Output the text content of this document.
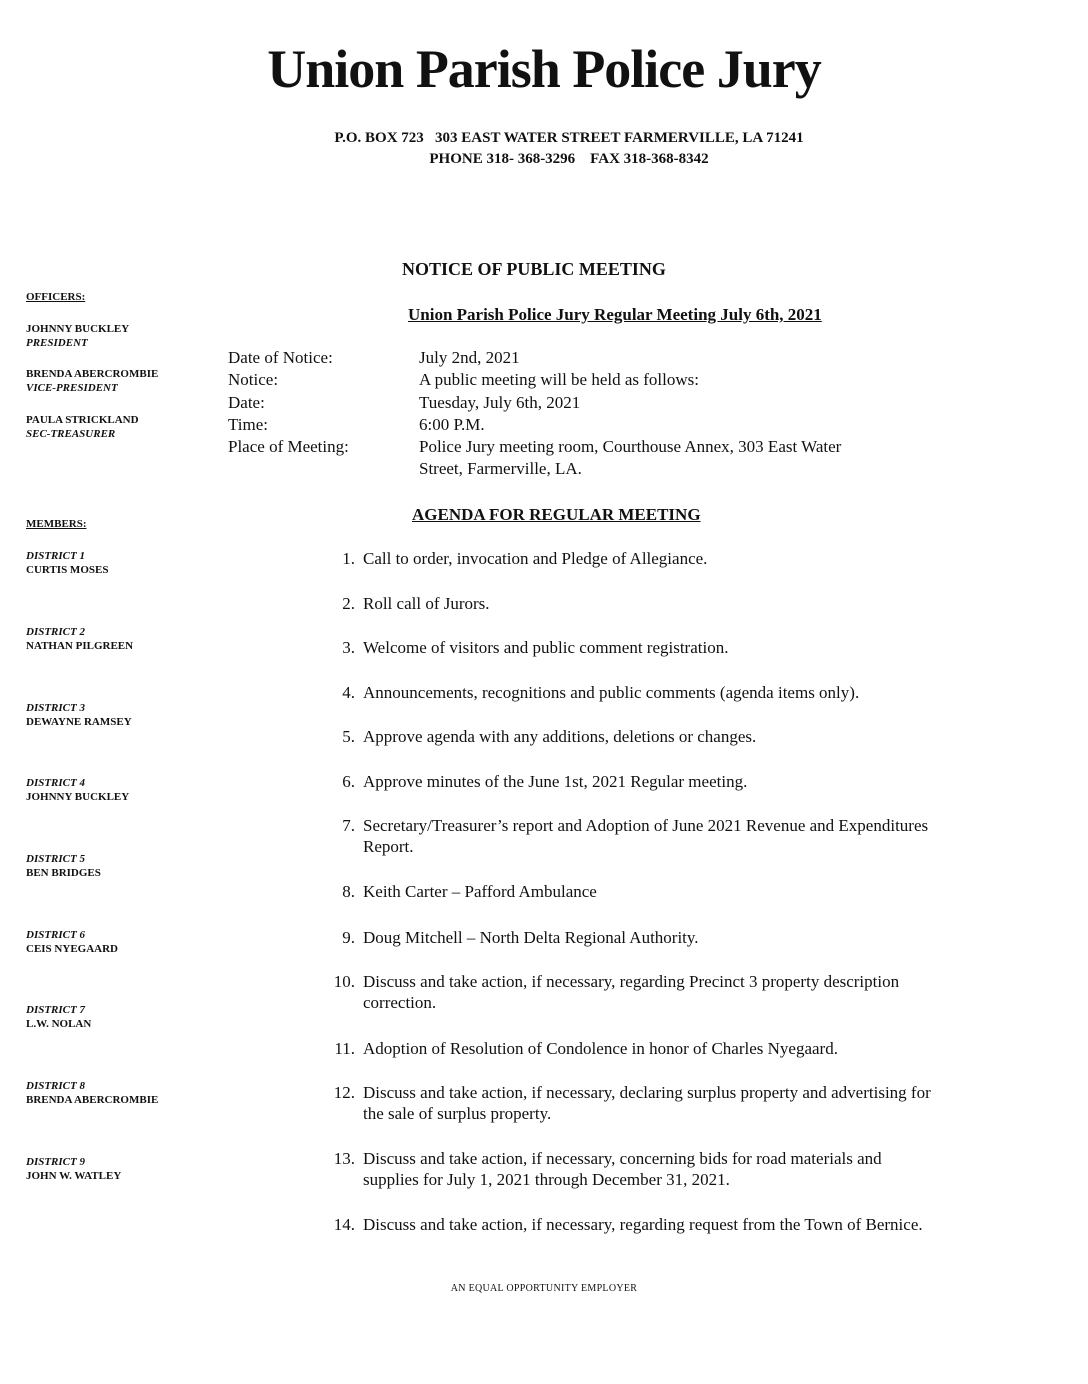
Union Parish Police Jury
P.O. BOX 723   303 EAST WATER STREET FARMERVILLE, LA 71241
PHONE 318- 368-3296    FAX 318-368-8342
NOTICE OF PUBLIC MEETING
Union Parish Police Jury Regular Meeting July 6th, 2021
OFFICERS:
JOHNNY BUCKLEY
PRESIDENT
BRENDA ABERCROMBIE
VICE-PRESIDENT
PAULA STRICKLAND
SEC-TREASURER
MEMBERS:
DISTRICT 1
CURTIS MOSES
DISTRICT 2
NATHAN PILGREEN
DISTRICT 3
DEWAYNE RAMSEY
DISTRICT 4
JOHNNY BUCKLEY
DISTRICT 5
BEN BRIDGES
DISTRICT 6
CEIS NYEGAARD
DISTRICT 7
L.W. NOLAN
DISTRICT 8
BRENDA ABERCROMBIE
DISTRICT 9
JOHN W. WATLEY
Date of Notice:	July 2nd, 2021
Notice:	A public meeting will be held as follows:
Date:	Tuesday, July 6th, 2021
Time:	6:00 P.M.
Place of Meeting:	Police Jury meeting room, Courthouse Annex, 303 East Water Street, Farmerville, LA.
AGENDA FOR REGULAR MEETING
1. Call to order, invocation and Pledge of Allegiance.
2. Roll call of Jurors.
3. Welcome of visitors and public comment registration.
4. Announcements, recognitions and public comments (agenda items only).
5. Approve agenda with any additions, deletions or changes.
6. Approve minutes of the June 1st, 2021 Regular meeting.
7. Secretary/Treasurer’s report and Adoption of June 2021 Revenue and Expenditures Report.
8. Keith Carter – Pafford Ambulance
9. Doug Mitchell – North Delta Regional Authority.
10. Discuss and take action, if necessary, regarding Precinct 3 property description correction.
11. Adoption of Resolution of Condolence in honor of Charles Nyegaard.
12. Discuss and take action, if necessary, declaring surplus property and advertising for the sale of surplus property.
13. Discuss and take action, if necessary, concerning bids for road materials and supplies for July 1, 2021 through December 31, 2021.
14. Discuss and take action, if necessary, regarding request from the Town of Bernice.
AN EQUAL OPPORTUNITY EMPLOYER
